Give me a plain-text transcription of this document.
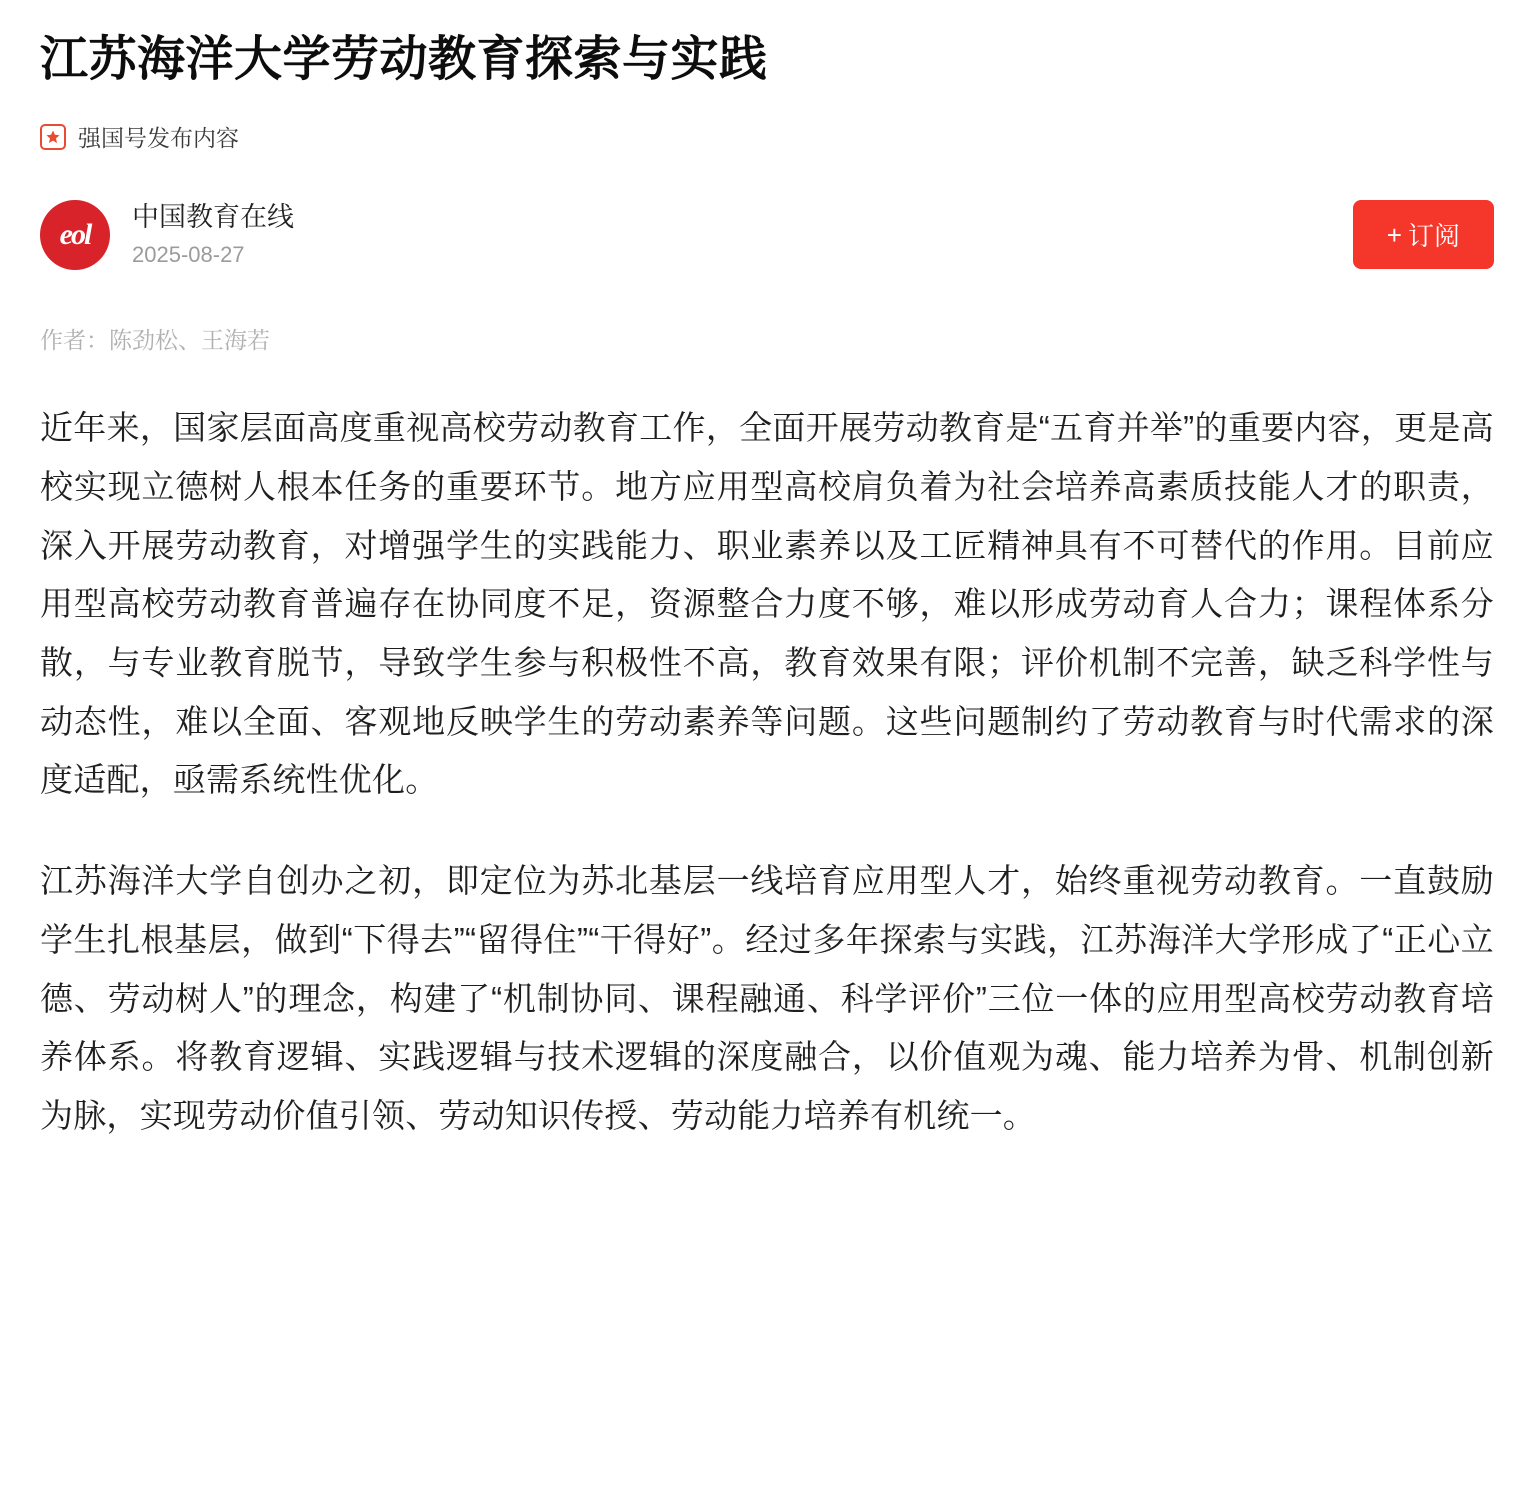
江苏海洋大学劳动教育探索与实践
强国号发布内容
eol
中国教育在线
2025-08-27
+ 订阅
作者：陈劲松、王海若

近年来，国家层面高度重视高校劳动教育工作，全面开展劳动教育是“五育并举”的重要内容，更是高校实现立德树人根本任务的重要环节。地方应用型高校肩负着为社会培养高素质技能人才的职责，深入开展劳动教育，对增强学生的实践能力、职业素养以及工匠精神具有不可替代的作用。目前应用型高校劳动教育普遍存在协同度不足，资源整合力度不够，难以形成劳动育人合力；课程体系分散，与专业教育脱节，导致学生参与积极性不高，教育效果有限；评价机制不完善，缺乏科学性与动态性，难以全面、客观地反映学生的劳动素养等问题。这些问题制约了劳动教育与时代需求的深度适配，亟需系统性优化。

江苏海洋大学自创办之初，即定位为苏北基层一线培育应用型人才，始终重视劳动教育。一直鼓励学生扎根基层，做到“下得去”“留得住”“干得好”。经过多年探索与实践，江苏海洋大学形成了“正心立德、劳动树人”的理念，构建了“机制协同、课程融通、科学评价”三位一体的应用型高校劳动教育培养体系。将教育逻辑、实践逻辑与技术逻辑的深度融合，以价值观为魂、能力培养为骨、机制创新为脉，实现劳动价值引领、劳动知识传授、劳动能力培养有机统一。
